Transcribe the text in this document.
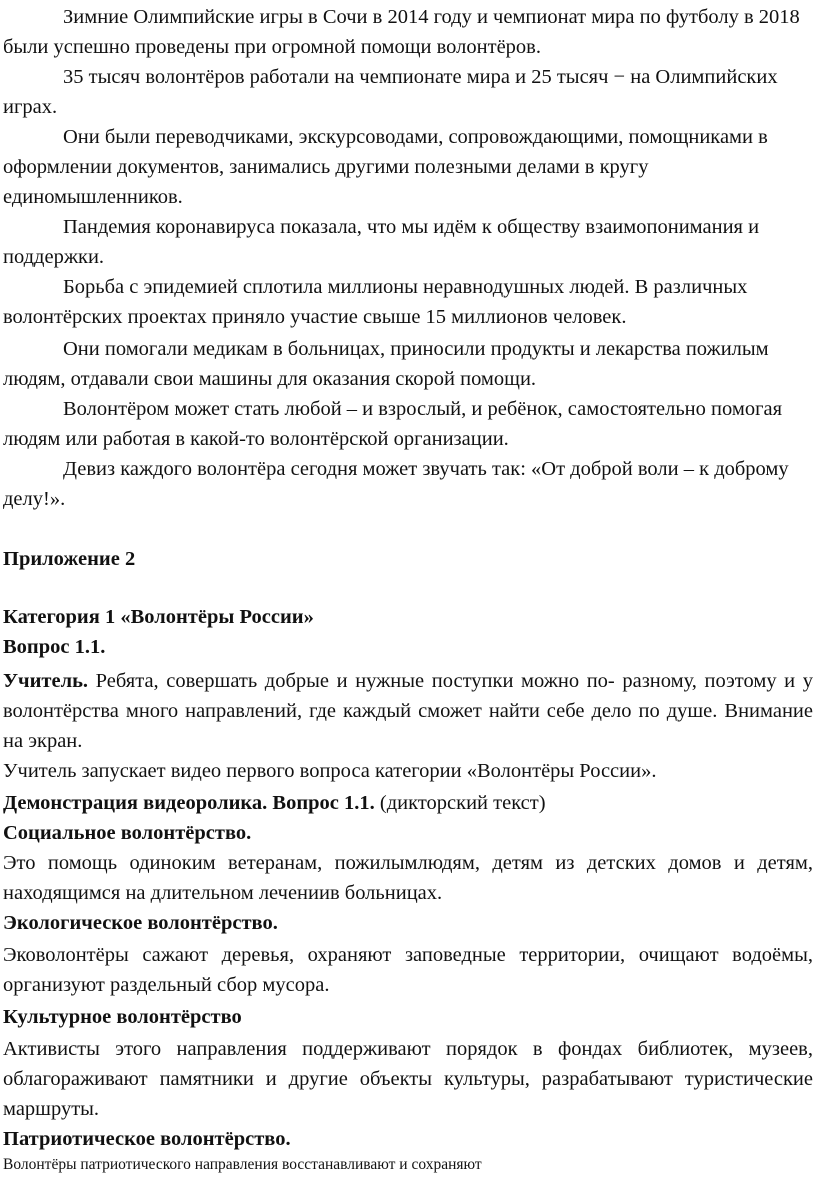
Зимние Олимпийские игры в Сочи в 2014 году и чемпионат мира по футболу в 2018 были успешно проведены при огромной помощи волонтёров.

35 тысяч волонтёров работали на чемпионате мира и 25 тысяч − на Олимпийских играх.

Они были переводчиками, экскурсоводами, сопровождающими, помощниками в оформлении документов, занимались другими полезными делами в кругу единомышленников.

Пандемия коронавируса показала, что мы идём к обществу взаимопонимания и поддержки.

Борьба с эпидемией сплотила миллионы неравнодушных людей. В различных волонтёрских проектах приняло участие свыше 15 миллионов человек.

Они помогали медикам в больницах, приносили продукты и лекарства пожилым людям, отдавали свои машины для оказания скорой помощи.

Волонтёром может стать любой – и взрослый, и ребёнок, самостоятельно помогая людям или работая в какой-то волонтёрской организации.

Девиз каждого волонтёра сегодня может звучать так: «От доброй воли – к доброму делу!».

Приложение 2

Категория 1 «Волонтёры России»

Вопрос 1.1.

Учитель. Ребята, совершать добрые и нужные поступки можно по- разному, поэтому и у волонтёрства много направлений, где каждый сможет найти себе дело по душе. Внимание на экран.

Учитель запускает видео первого вопроса категории «Волонтёры России».

Демонстрация видеоролика. Вопрос 1.1. (дикторский текст)

Социальное волонтёрство.

Это помощь одиноким ветеранам, пожилымлюдям, детям из детских домов и детям, находящимся на длительном лечениив больницах.

Экологическое волонтёрство.

Эковолонтёры сажают деревья, охраняют заповедные территории, очищают водоёмы, организуют раздельный сбор мусора.

Культурное волонтёрство

Активисты этого направления поддерживают порядок в фондах библиотек, музеев, облагораживают памятники и другие объекты культуры, разрабатывают туристические маршруты.

Патриотическое волонтёрство.

Волонтёры патриотического направления восстанавливают и сохраняют
